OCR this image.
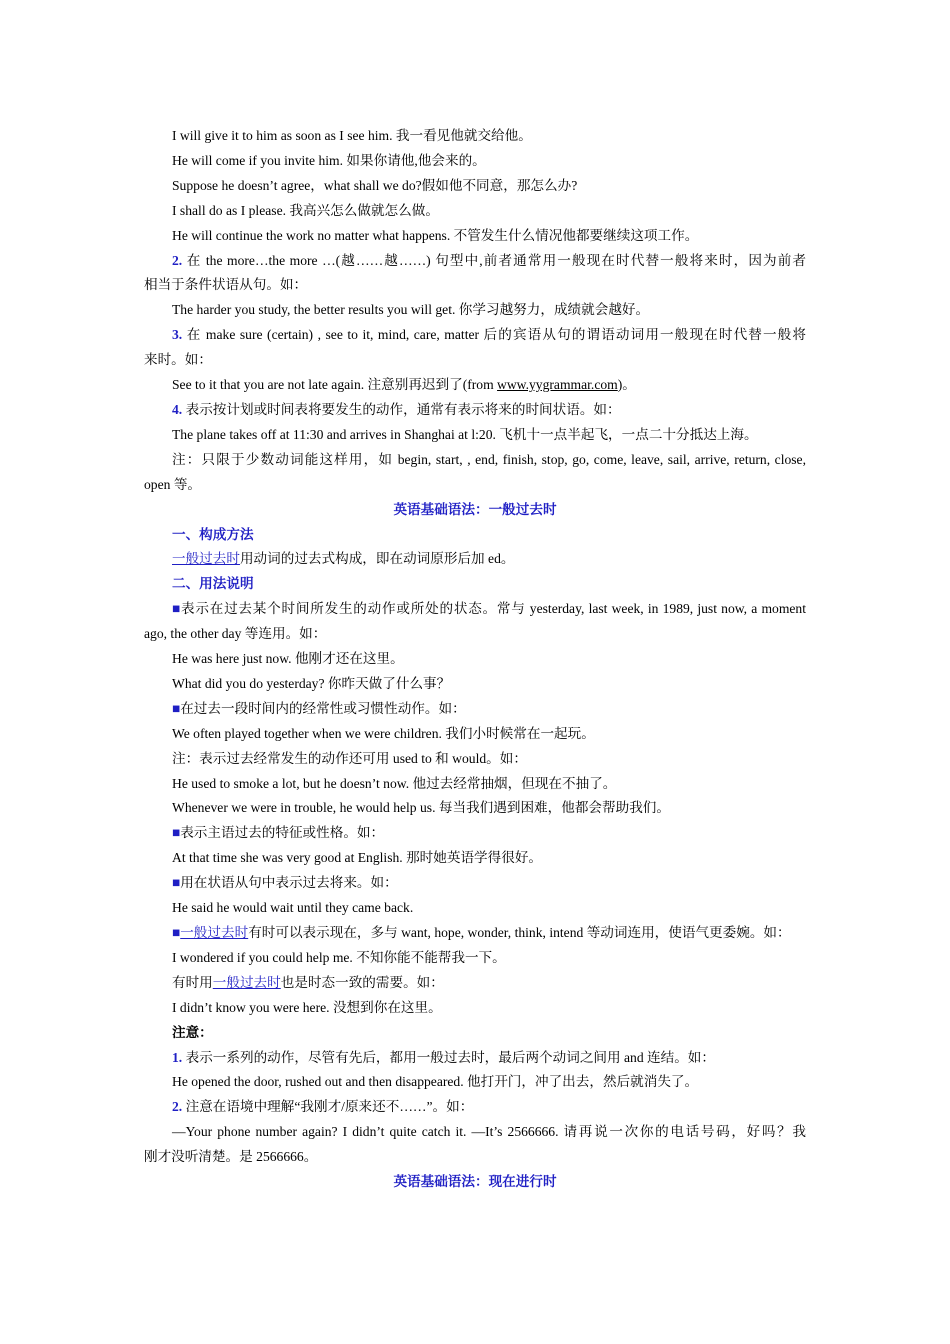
I will give it to him as soon as I see him. 我一看见他就交给他。

He will come if you invite him. 如果你请他,他会来的。

Suppose he doesn’t agree，what shall we do?假如他不同意，那怎么办?

I shall do as I please. 我高兴怎么做就怎么做。

He will continue the work no matter what happens. 不管发生什么情况他都要继续这项工作。

2. 在 the more…the more …(越……越……) 句型中,前者通常用一般现在时代替一般将来时，因为前者

相当于条件状语从句。如：

The harder you study, the better results you will get. 你学习越努力，成绩就会越好。

3. 在 make sure (certain) , see to it, mind, care, matter 后的宾语从句的谓语动词用一般现在时代替一般将

来时。如：

See to it that you are not late again. 注意别再迟到了(from www.yygrammar.com)。

4. 表示按计划或时间表将要发生的动作，通常有表示将来的时间状语。如：

The plane takes off at 11:30 and arrives in Shanghai at l:20. 飞机十一点半起飞，一点二十分抵达上海。

注：只限于少数动词能这样用，如 begin, start, , end, finish, stop, go, come, leave, sail, arrive, return, close,

open 等。

英语基础语法：一般过去时

一、构成方法

一般过去时用动词的过去式构成，即在动词原形后加 ed。

二、用法说明

■表示在过去某个时间所发生的动作或所处的状态。常与 yesterday, last week, in 1989, just now, a moment

ago, the other day 等连用。如：

He was here just now. 他刚才还在这里。

What did you do yesterday? 你昨天做了什么事？

■在过去一段时间内的经常性或习惯性动作。如：

We often played together when we were children. 我们小时候常在一起玩。

注：表示过去经常发生的动作还可用 used to 和 would。如：

He used to smoke a lot, but he doesn’t now. 他过去经常抽烟，但现在不抽了。

Whenever we were in trouble, he would help us. 每当我们遇到困难，他都会帮助我们。

■表示主语过去的特征或性格。如：

At that time she was very good at English. 那时她英语学得很好。

■用在状语从句中表示过去将来。如：

He said he would wait until they came back.

■一般过去时有时可以表示现在，多与 want, hope, wonder, think, intend 等动词连用，使语气更委婉。如：

I wondered if you could help me. 不知你能不能帮我一下。

有时用一般过去时也是时态一致的需要。如：

I didn’t know you were here. 没想到你在这里。

注意：

1. 表示一系列的动作，尽管有先后，都用一般过去时，最后两个动词之间用 and 连结。如：

He opened the door, rushed out and then disappeared. 他打开门，冲了出去，然后就消失了。

2. 注意在语境中理解“我刚才/原来还不……”。如：

—Your phone number again? I didn’t quite catch it. —It’s 2566666. 请再说一次你的电话号码，好吗？我

刚才没听清楚。是 2566666。

英语基础语法：现在进行时
